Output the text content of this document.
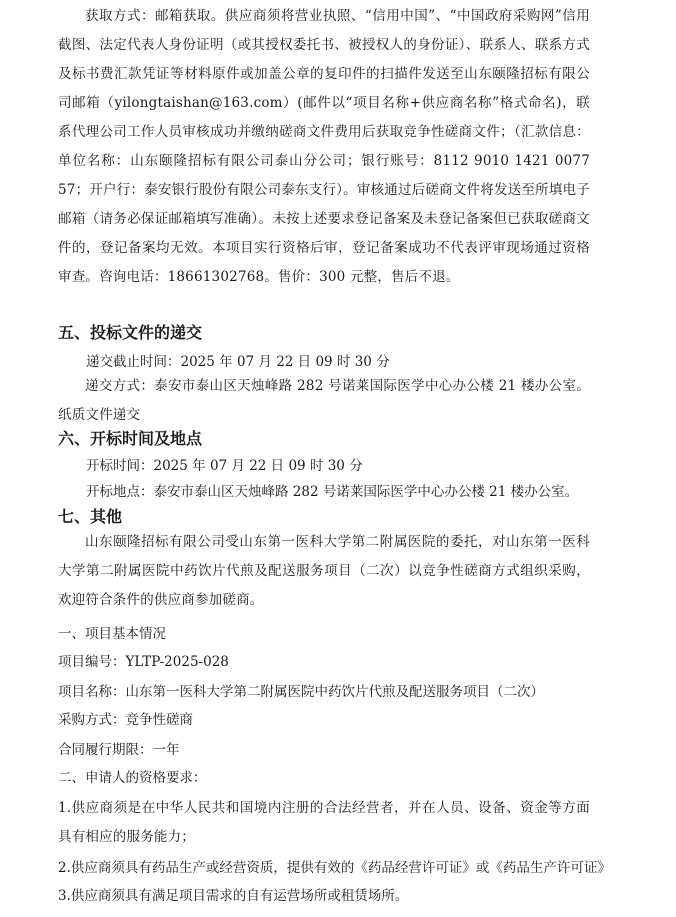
获取方式：邮箱获取。供应商须将营业执照、“信用中国”、“中国政府采购网”信用截图、法定代表人身份证明（或其授权委托书、被授权人的身份证）、联系人、联系方式及标书费汇款凭证等材料原件或加盖公章的复印件的扫描件发送至山东颐隆招标有限公司邮箱（yilongtaishan@163.com）(邮件以“项目名称+供应商名称”格式命名)，联系代理公司工作人员审核成功并缴纳磋商文件费用后获取竞争性磋商文件；（汇款信息：单位名称：山东颐隆招标有限公司泰山分公司；银行账号：8112 9010 1421 0077 57；开户行：泰安银行股份有限公司泰东支行）。审核通过后磋商文件将发送至所填电子邮箱（请务必保证邮箱填写准确）。未按上述要求登记备案及未登记备案但已获取磋商文件的，登记备案均无效。本项目实行资格后审，登记备案成功不代表评审现场通过资格审查。咨询电话：18661302768。售价：300 元整，售后不退。

五、投标文件的递交

递交截止时间：2025 年 07 月 22 日 09 时 30 分

递交方式：泰安市泰山区天烛峰路 282 号诺莱国际医学中心办公楼 21 楼办公室。纸质文件递交

六、开标时间及地点

开标时间：2025 年 07 月 22 日 09 时 30 分

开标地点：泰安市泰山区天烛峰路 282 号诺莱国际医学中心办公楼 21 楼办公室。

七、其他

山东颐隆招标有限公司受山东第一医科大学第二附属医院的委托，对山东第一医科大学第二附属医院中药饮片代煎及配送服务项目（二次）以竞争性磋商方式组织采购，欢迎符合条件的供应商参加磋商。

一、项目基本情况

项目编号：YLTP-2025-028

项目名称：山东第一医科大学第二附属医院中药饮片代煎及配送服务项目（二次）

采购方式：竞争性磋商

合同履行期限：一年

二、申请人的资格要求：

1.供应商须是在中华人民共和国境内注册的合法经营者，并在人员、设备、资金等方面具有相应的服务能力；

2.供应商须具有药品生产或经营资质，提供有效的《药品经营许可证》或《药品生产许可证》

3.供应商须具有满足项目需求的自有运营场所或租赁场所。
